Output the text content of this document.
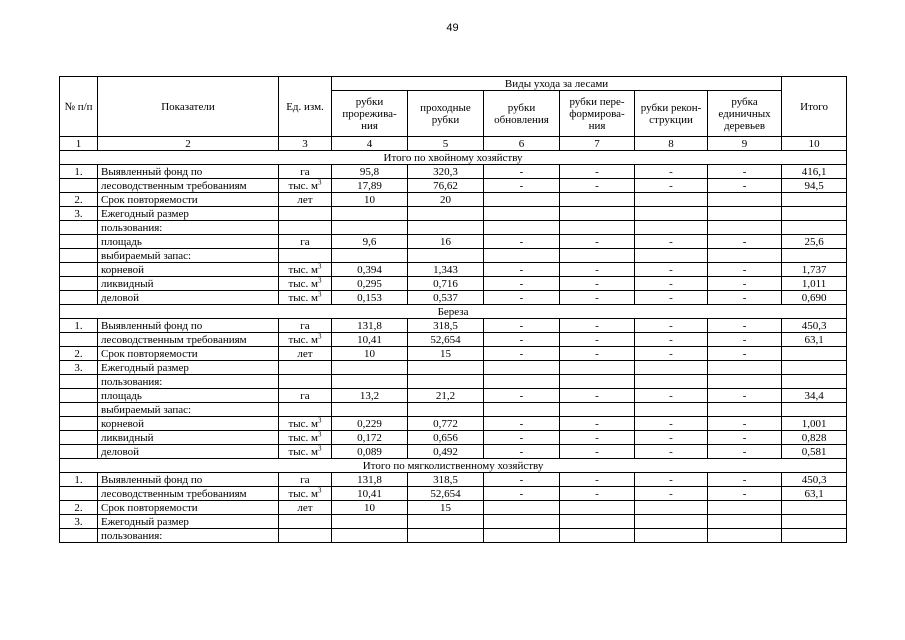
49
№ п/п	Показатели	Ед. изм.	Виды ухода за лесами						Итого
			рубки прорежива-ния	проходные рубки	рубки обновления	рубки пере-формирова-ния	рубки рекон-струкции	рубка единичных деревьев	
1	2	3	4	5	6	7	8	9	10
Итого по хвойному хозяйству									
1.	Выявленный фонд по	га	95,8	320,3	-	-	-	-	416,1
	лесоводственным требованиям	тыс. $м^3$	17,89	76,62	-	-	-	-	94,5
2.	Срок повторяемости	лет	10	20					
3.	Ежегодный размер								
	пользования:								
	площадь	га	9,6	16	-	-	-	-	25,6
	выбираемый запас:								
	корневой	тыс. $м^3$	0,394	1,343	-	-	-	-	1,737
	ликвидный	тыс. $м^3$	0,295	0,716	-	-	-	-	1,011
	деловой	тыс. $м^3$	0,153	0,537	-	-	-	-	0,690
Береза									
1.	Выявленный фонд по	га	131,8	318,5	-	-	-	-	450,3
	лесоводственным требованиям	тыс. $м^3$	10,41	52,654	-	-	-	-	63,1
2.	Срок повторяемости	лет	10	15	-	-	-	-	
3.	Ежегодный размер								
	пользования:								
	площадь	га	13,2	21,2	-	-	-	-	34,4
	выбираемый запас:								
	корневой	тыс. $м^3$	0,229	0,772	-	-	-	-	1,001
	ликвидный	тыс. $м^3$	0,172	0,656	-	-	-	-	0,828
	деловой	тыс. $м^3$	0,089	0,492	-	-	-	-	0,581
Итого по мягколиственному хозяйству									
1.	Выявленный фонд по	га	131,8	318,5	-	-	-	-	450,3
	лесоводственным требованиям	тыс. $м^3$	10,41	52,654	-	-	-	-	63,1
2.	Срок повторяемости	лет	10	15					
3.	Ежегодный размер								
	пользования:								
